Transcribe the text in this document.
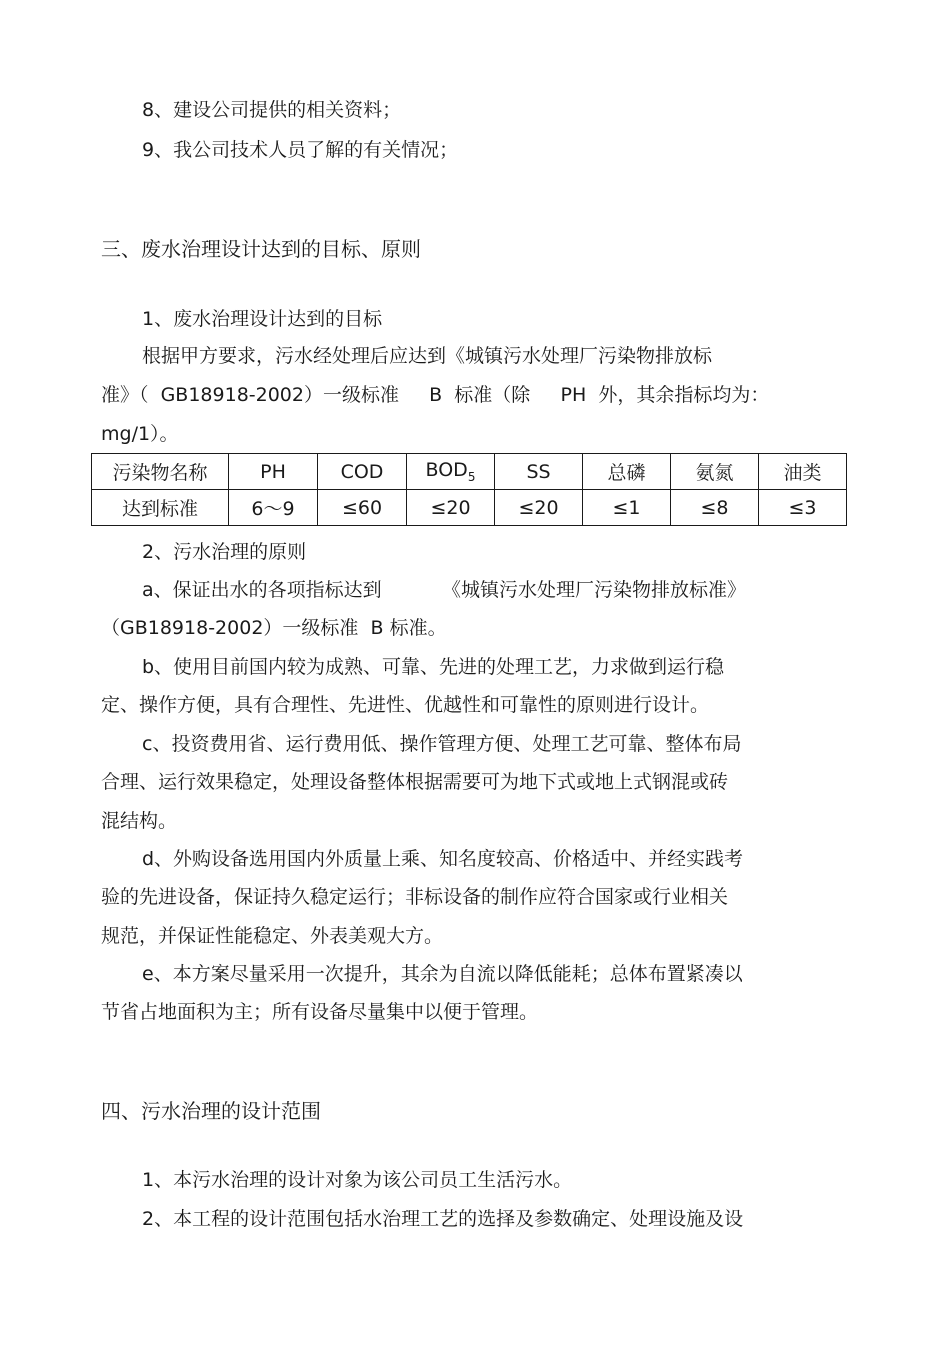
8、建设公司提供的相关资料；
9、我公司技术人员了解的有关情况；
三、废水治理设计达到的目标、原则
1、废水治理设计达到的目标
根据甲方要求，污水经处理后应达到《城镇污水处理厂污染物排放标
准》（  GB18918-2002）一级标准     B  标准（除     PH  外，其余指标均为：
mg/1）。
污染物名称	PH	COD	$BOD_5$	SS	总磷	氨氮	油类
达到标准	6～9	≤60	≤20	≤20	≤1	≤8	≤3
2、污水治理的原则
a、保证出水的各项指标达到          《城镇污水处理厂污染物排放标准》
（GB18918-2002）一级标准  B 标准。
b、使用目前国内较为成熟、可靠、先进的处理工艺，力求做到运行稳
定、操作方便，具有合理性、先进性、优越性和可靠性的原则进行设计。
c、投资费用省、运行费用低、操作管理方便、处理工艺可靠、整体布局
合理、运行效果稳定，处理设备整体根据需要可为地下式或地上式钢混或砖
混结构。
d、外购设备选用国内外质量上乘、知名度较高、价格适中、并经实践考
验的先进设备，保证持久稳定运行；非标设备的制作应符合国家或行业相关
规范，并保证性能稳定、外表美观大方。
e、本方案尽量采用一次提升，其余为自流以降低能耗；总体布置紧凑以
节省占地面积为主；所有设备尽量集中以便于管理。
四、污水治理的设计范围
1、本污水治理的设计对象为该公司员工生活污水。
2、本工程的设计范围包括水治理工艺的选择及参数确定、处理设施及设
